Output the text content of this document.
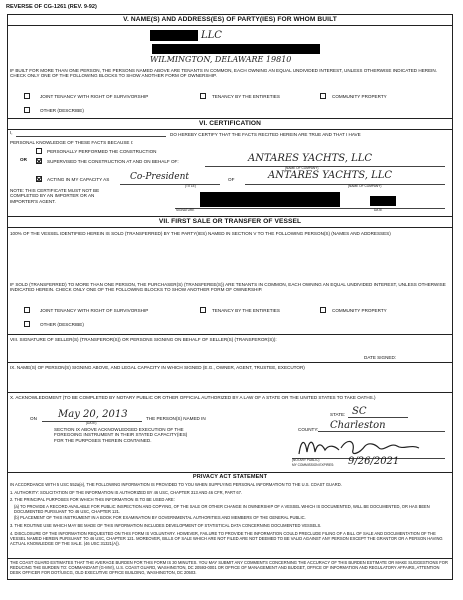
REVERSE OF CG-1261 (REV. 9-92)
V. NAME(S) AND ADDRESS(ES) OF PARTY(IES) FOR WHOM BUILT
LLC
WILMINGTON, DELAWARE 19810
IF BUILT FOR MORE THAN ONE PERSON, THE PERSONS NAMED ABOVE ARE TENANTS IN COMMON, EACH OWNING AN EQUAL UNDIVIDED INTEREST, UNLESS OTHERWISE INDICATED HEREIN. CHECK ONLY ONE OF THE FOLLOWING BLOCKS TO SHOW ANOTHER FORM OF OWNERSHIP.
JOINT TENANCY WITH RIGHT OF SURVIVORSHIP	TENANCY BY THE ENTIRETIES	COMMUNITY PROPERTY
OTHER (DESCRIBE)
VI. CERTIFICATION
I,	DO HEREBY CERTIFY THAT THE FACTS RECITED HEREIN ARE TRUE AND THAT I HAVE
PERSONAL KNOWLEDGE OF THESE FACTS BECAUSE I:
PERSONALLY PERFORMED THE CONSTRUCTION
OR	SUPERVISED THE CONSTRUCTION AT AND ON BEHALF OF:	ANTARES YACHTS, LLC
(NAME OF COMPANY)
ACTING IN MY CAPACITY AS Co-President
(TITLE)
OF	ANTARES YACHTS, LLC
(NAME OF COMPANY)
NOTE: THIS CERTIFICATE MUST NOT BE COMPLETED BY AN IMPORTER OR AN IMPORTER'S AGENT.
SIGNATURE	DATE
VII. FIRST SALE OR TRANSFER OF VESSEL
100% OF THE VESSEL IDENTIFIED HEREIN IS SOLD (TRANSFERRED) BY THE PARTY(IES) NAMED IN SECTION V TO THE FOLLOWING PERSON(S) (NAMES AND ADDRESSES)
IF SOLD (TRANSFERRED) TO MORE THAN ONE PERSON, THE PURCHASER(S) (TRANSFEREE(S)) ARE TENANTS IN COMMON, EACH OWNING AN EQUAL UNDIVIDED INTEREST, UNLESS OTHERWISE INDICATED HEREIN. CHECK ONLY ONE OF THE FOLLOWING BLOCKS TO SHOW ANOTHER FORM OF OWNERSHIP.
JOINT TENANCY WITH RIGHT OF SURVIVORSHIP	TENANCY BY THE ENTIRETIES	COMMUNITY PROPERTY
OTHER (DESCRIBE)
VIII. SIGNATURE OF SELLER(S) (TRANSFEROR(S)) OR PERSONS SIGNING ON BEHALF OF SELLER(S) (TRANSFEROR(S)):
DATE SIGNED:
IX. NAME(S) OF PERSON(S) SIGNING ABOVE, AND LEGAL CAPACITY IN WHICH SIGNED (E.G., OWNER, AGENT, TRUSTEE, EXECUTOR)
X. ACKNOWLEDGMENT (TO BE COMPLETED BY NOTARY PUBLIC OR OTHER OFFICIAL AUTHORIZED BY A LAW OF A STATE OR THE UNITED STATES TO TAKE OATHS.)
ON May 20, 2013
(DATE)
THE PERSON(S) NAMED IN
SECTION IX ABOVE ACKNOWLEDGED EXECUTION OF THE FOREGOING INSTRUMENT IN THEIR STATED CAPACITY(IES) FOR THE PURPOSES THEREIN CONTAINED.
STATE: SC
COUNTY: Charleston
(NOTARY PUBLIC)
MY COMMISSION EXPIRES: 9/26/2021
PRIVACY ACT STATEMENT
IN ACCORDANCE WITH 5 USC 552a(e), THE FOLLOWING INFORMATION IS PROVIDED TO YOU WHEN SUPPLYING PERSONAL INFORMATION TO THE U.S. COAST GUARD.
1. AUTHORITY: SOLICITATION OF THE INFORMATION IS AUTHORIZED BY 46 USC, CHAPTER 313 AND 46 CFR, PART 67.
2. THE PRINCIPAL PURPOSES FOR WHICH THIS INFORMATION IS TO BE USED ARE:
(a) TO PROVIDE A RECORD AVAILABLE FOR PUBLIC INSPECTION AND COPYING, OF THE SALE OR OTHER CHANGE IN OWNERSHIP OF A VESSEL WHICH IS DOCUMENTED, WILL BE DOCUMENTED, OR HAS BEEN DOCUMENTED PURSUANT TO 46 USC, CHAPTER 121.
(b) PLACEMENT OF THIS INSTRUMENT IN A BOOK FOR EXAMINATION BY GOVERNMENTAL AUTHORITIES AND MEMBERS OF THE GENERAL PUBLIC.
3. THE ROUTINE USE WHICH MAY BE MADE OF THIS INFORMATION INCLUDES DEVELOPMENT OF STATISTICAL DATA CONCERNING DOCUMENTED VESSELS.
4. DISCLOSURE OF THE INFORMATION REQUESTED ON THIS FORM IS VOLUNTARY. HOWEVER, FAILURE TO PROVIDE THE INFORMATION COULD PRECLUDE FILING OF A BILL OF SALE AND DOCUMENTATION OF THE VESSEL NAMED HEREIN PURSUANT TO 46 USC, CHAPTER 121. MOREOVER, BILLS OF SALE WHICH ARE NOT FILED ARE NOT DEEMED TO BE VALID AGAINST ANY PERSON EXCEPT THE GRANTOR OR A PERSON HAVING ACTUAL KNOWLEDGE OF THE SALE. (46 USC 31321(A)).
THE COAST GUARD ESTIMATES THAT THE AVERAGE BURDEN FOR THIS FORM IS 30 MINUTES. YOU MAY SUBMIT ANY COMMENTS CONCERNING THE ACCURACY OF THIS BURDEN ESTIMATE OR MAKE SUGGESTIONS FOR REDUCING THE BURDEN TO: COMMANDANT (G-MVI), U.S. COAST GUARD, WASHINGTON, DC 20593-0001 OR OFFICE OF MANAGEMENT AND BUDGET, OFFICE OF INFORMATION AND REGULATORY AFFAIRS, ATTENTION DESK OFFICER FOR DOT/USCG, OLD EXECUTIVE OFFICE BUILDING, WASHINGTON, DC 20503.
